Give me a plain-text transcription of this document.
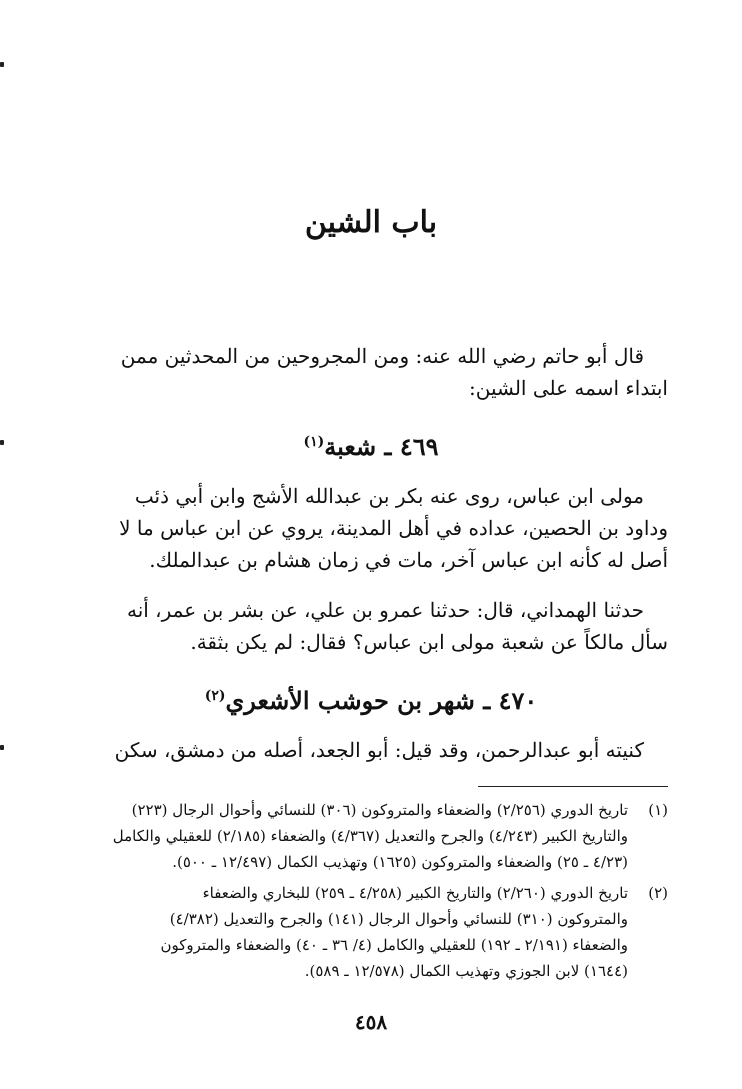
باب الشين
قال أبو حاتم رضي الله عنه: ومن المجروحين من المحدثين ممن
ابتداء اسمه على الشين:
٤٦٩ ـ شعبة$^{(١)}$
مولى ابن عباس، روى عنه بكر بن عبدالله الأشج وابن أبي ذئب
وداود بن الحصين، عداده في أهل المدينة، يروي عن ابن عباس ما لا
أصل له كأنه ابن عباس آخر، مات في زمان هشام بن عبدالملك.
حدثنا الهمداني، قال: حدثنا عمرو بن علي، عن بشر بن عمر، أنه
سأل مالكاً عن شعبة مولى ابن عباس؟ فقال: لم يكن بثقة.
٤٧٠ ـ شهر بن حوشب الأشعري$^{(٢)}$
كنيته أبو عبدالرحمن، وقد قيل: أبو الجعد، أصله من دمشق، سكن
(١)
تاريخ الدوري (٢/٢٥٦) والضعفاء والمتروكون (٣٠٦) للنسائي وأحوال الرجال (٢٢٣)
والتاريخ الكبير (٤/٢٤٣) والجرح والتعديل (٤/٣٦٧) والضعفاء (٢/١٨٥) للعقيلي والكامل
(٤/٢٣ ـ ٢٥) والضعفاء والمتروكون (١٦٢٥) وتهذيب الكمال (١٢/٤٩٧ ـ ٥٠٠).
(٢)
تاريخ الدوري (٢/٢٦٠) والتاريخ الكبير (٤/٢٥٨ ـ ٢٥٩) للبخاري والضعفاء
والمتروكون (٣١٠) للنسائي وأحوال الرجال (١٤١) والجرح والتعديل (٤/٣٨٢)
والضعفاء (٢/١٩١ ـ ١٩٢) للعقيلي والكامل (٤/ ٣٦ ـ ٤٠) والضعفاء والمتروكون
(١٦٤٤) لابن الجوزي وتهذيب الكمال (١٢/٥٧٨ ـ ٥٨٩).
٤٥٨
